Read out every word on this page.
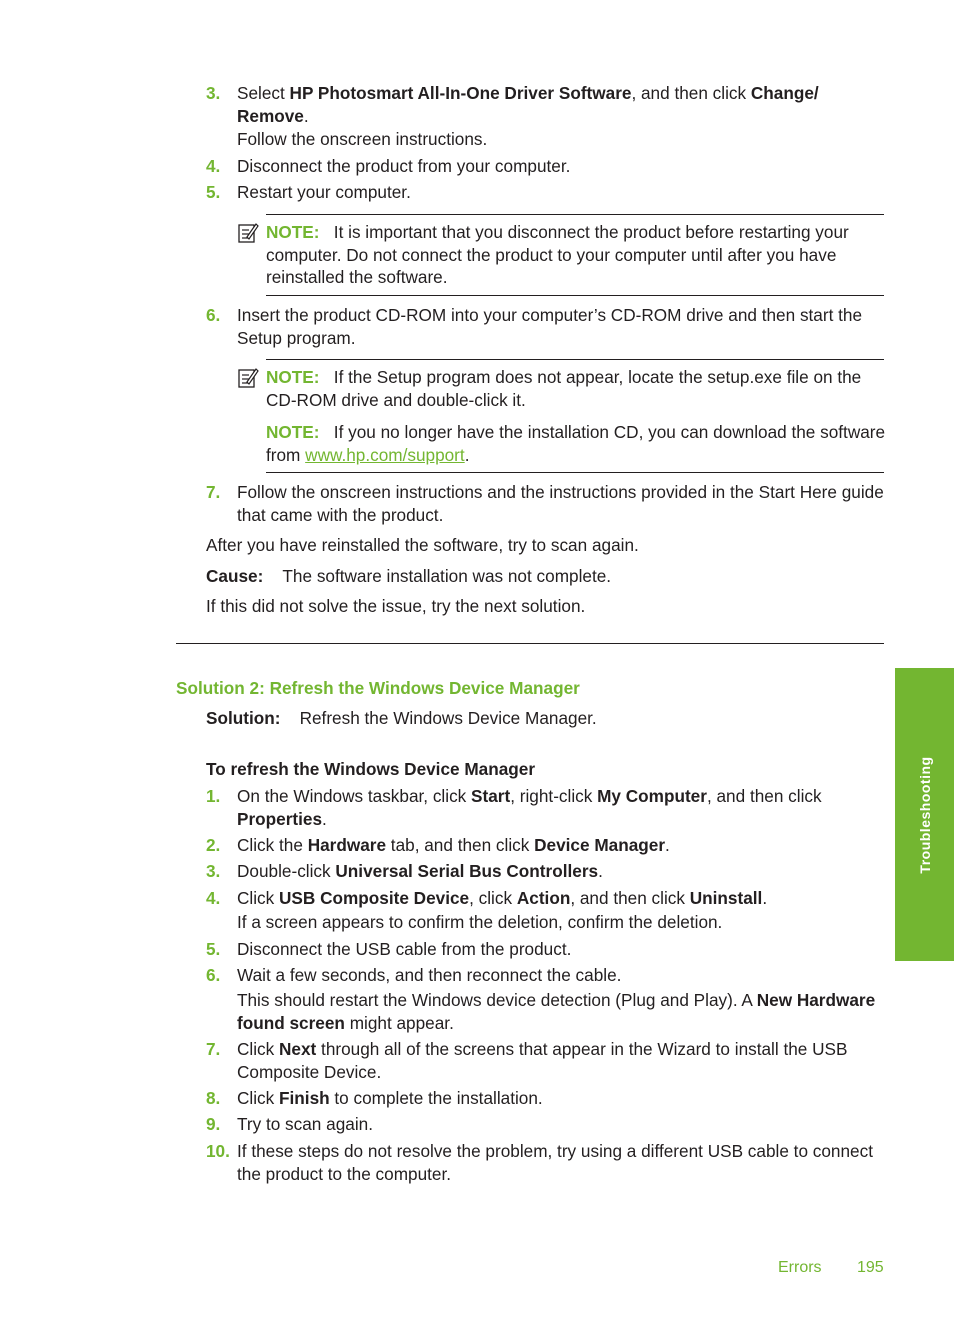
3. Select HP Photosmart All-In-One Driver Software, and then click Change/ Remove.
Follow the onscreen instructions.
4. Disconnect the product from your computer.
5. Restart your computer.
NOTE: It is important that you disconnect the product before restarting your computer. Do not connect the product to your computer until after you have reinstalled the software.
6. Insert the product CD-ROM into your computer’s CD-ROM drive and then start the Setup program.
NOTE: If the Setup program does not appear, locate the setup.exe file on the CD-ROM drive and double-click it.
NOTE: If you no longer have the installation CD, you can download the software from www.hp.com/support.
7. Follow the onscreen instructions and the instructions provided in the Start Here guide that came with the product.
After you have reinstalled the software, try to scan again.
Cause: The software installation was not complete.
If this did not solve the issue, try the next solution.
Solution 2: Refresh the Windows Device Manager
Solution: Refresh the Windows Device Manager.
To refresh the Windows Device Manager
1. On the Windows taskbar, click Start, right-click My Computer, and then click Properties.
2. Click the Hardware tab, and then click Device Manager.
3. Double-click Universal Serial Bus Controllers.
4. Click USB Composite Device, click Action, and then click Uninstall.
If a screen appears to confirm the deletion, confirm the deletion.
5. Disconnect the USB cable from the product.
6. Wait a few seconds, and then reconnect the cable.
This should restart the Windows device detection (Plug and Play). A New Hardware found screen might appear.
7. Click Next through all of the screens that appear in the Wizard to install the USB Composite Device.
8. Click Finish to complete the installation.
9. Try to scan again.
10. If these steps do not resolve the problem, try using a different USB cable to connect the product to the computer.
Troubleshooting
Errors 195
